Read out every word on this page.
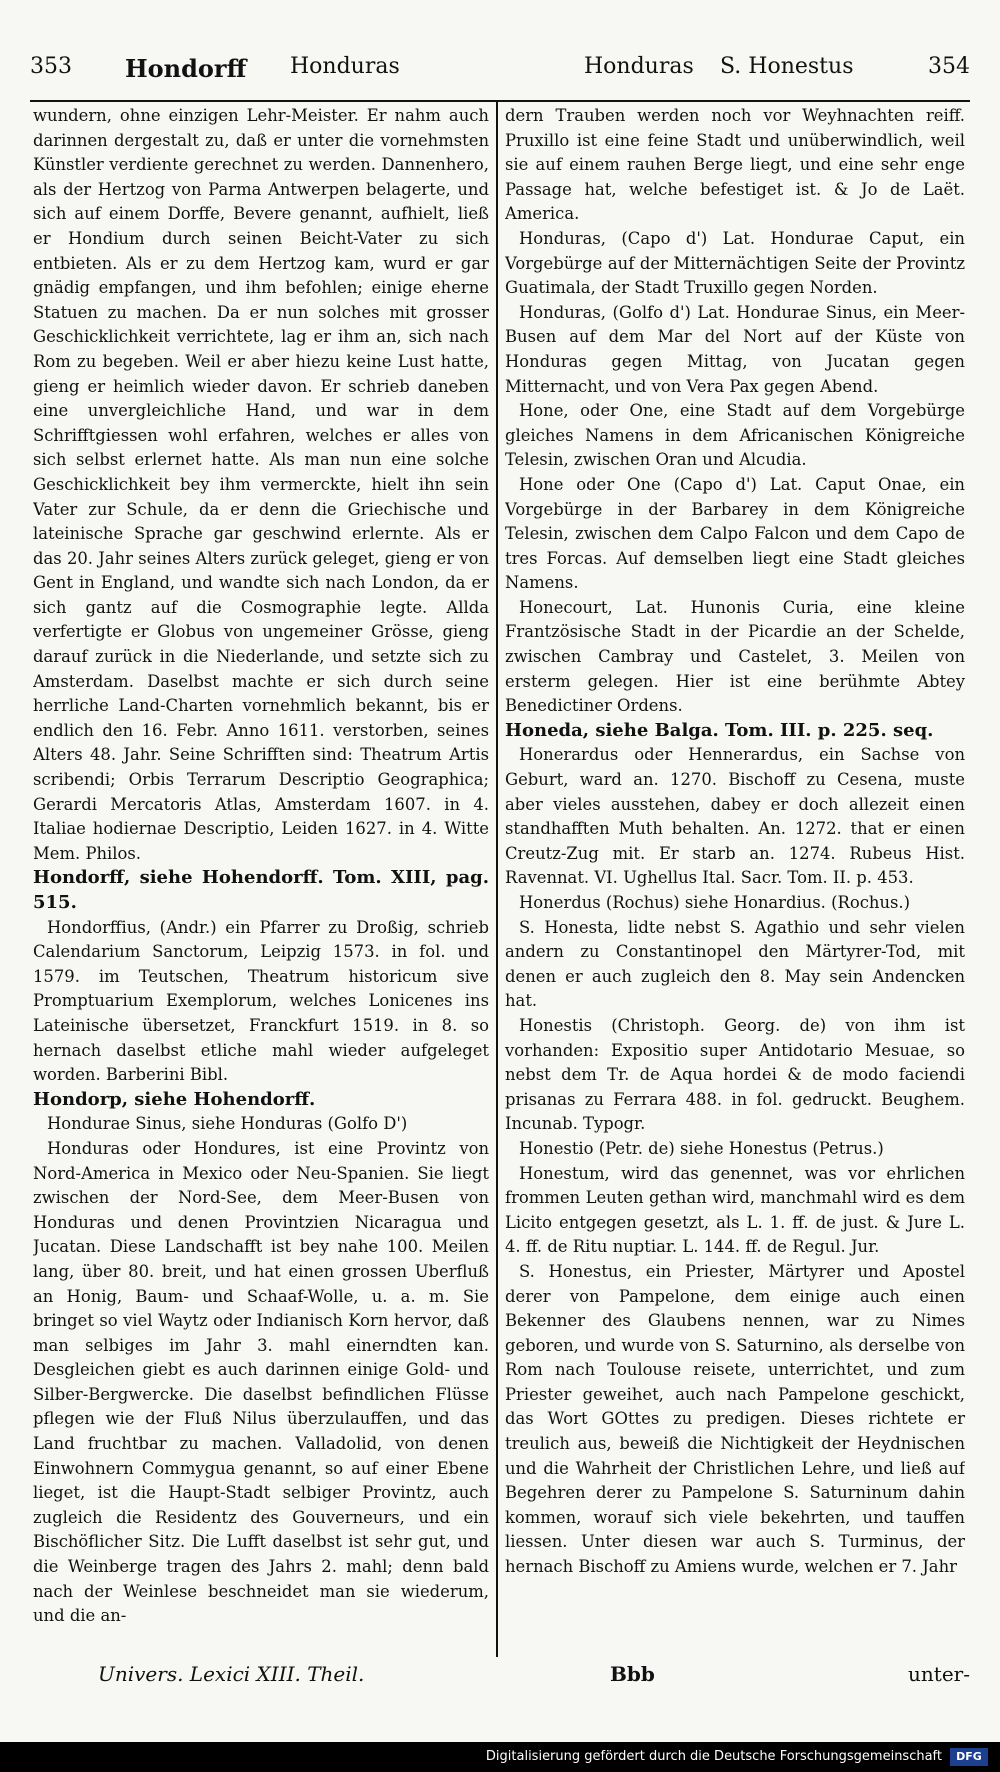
353 Hondorff Honduras	Honduras S. Honestus	354

wundern, ohne einzigen Lehr-Meister. Er nahm auch darinnen dergestalt zu, daß er unter die vornehmsten Künstler verdiente gerechnet zu werden. Dannenhero, als der Hertzog von Parma Antwerpen belagerte, und sich auf einem Dorffe, Bevere genannt, aufhielt, ließ er Hondium durch seinen Beicht-Vater zu sich entbieten. Als er zu dem Hertzog kam, wurd er gar gnädig empfangen, und ihm befohlen; einige eherne Statuen zu machen. Da er nun solches mit grosser Geschicklichkeit verrichtete, lag er ihm an, sich nach Rom zu begeben. Weil er aber hiezu keine Lust hatte, gieng er heimlich wieder davon. Er schrieb daneben eine unvergleichliche Hand, und war in dem Schrifftgiessen wohl erfahren, welches er alles von sich selbst erlernet hatte. Als man nun eine solche Geschicklichkeit bey ihm vermerckte, hielt ihn sein Vater zur Schule, da er denn die Griechische und lateinische Sprache gar geschwind erlernte. Als er das 20. Jahr seines Alters zurück geleget, gieng er von Gent in England, und wandte sich nach London, da er sich gantz auf die Cosmographie legte. Allda verfertigte er Globus von ungemeiner Grösse, gieng darauf zurück in die Niederlande, und setzte sich zu Amsterdam. Daselbst machte er sich durch seine herrliche Land-Charten vornehmlich bekannt, bis er endlich den 16. Febr. Anno 1611. verstorben, seines Alters 48. Jahr. Seine Schrifften sind: Theatrum Artis scribendi; Orbis Terrarum Descriptio Geographica; Gerardi Mercatoris Atlas, Amsterdam 1607. in 4. Italiae hodiernae Descriptio, Leiden 1627. in 4. Witte Mem. Philos.

Hondorff, siehe Hohendorff. Tom. XIII, pag. 515.

Hondorffius, (Andr.) ein Pfarrer zu Droßig, schrieb Calendarium Sanctorum, Leipzig 1573. in fol. und 1579. im Teutschen, Theatrum historicum sive Promptuarium Exemplorum, welches Lonicenes ins Lateinische übersetzet, Franckfurt 1519. in 8. so hernach daselbst etliche mahl wieder aufgeleget worden. Barberini Bibl.

Hondorp, siehe Hohendorff.

Hondurae Sinus, siehe Honduras (Golfo D')

Honduras oder Hondures, ist eine Provintz von Nord-America in Mexico oder Neu-Spanien. Sie liegt zwischen der Nord-See, dem Meer-Busen von Honduras und denen Provintzien Nicaragua und Jucatan. Diese Landschafft ist bey nahe 100. Meilen lang, über 80. breit, und hat einen grossen Uberfluß an Honig, Baum- und Schaaf-Wolle, u. a. m. Sie bringet so viel Waytz oder Indianisch Korn hervor, daß man selbiges im Jahr 3. mahl einerndten kan. Desgleichen giebt es auch darinnen einige Gold- und Silber-Bergwercke. Die daselbst befindlichen Flüsse pflegen wie der Fluß Nilus überzulauffen, und das Land fruchtbar zu machen. Valladolid, von denen Einwohnern Commygua genannt, so auf einer Ebene lieget, ist die Haupt-Stadt selbiger Provintz, auch zugleich die Residentz des Gouverneurs, und ein Bischöflicher Sitz. Die Lufft daselbst ist sehr gut, und die Weinberge tragen des Jahrs 2. mahl; denn bald nach der Weinlese beschneidet man sie wiederum, und die an-

dern Trauben werden noch vor Weyhnachten reiff. Pruxillo ist eine feine Stadt und unüberwindlich, weil sie auf einem rauhen Berge liegt, und eine sehr enge Passage hat, welche befestiget ist. & Jo de Laët. America.

Honduras, (Capo d') Lat. Hondurae Caput, ein Vorgebürge auf der Mitternächtigen Seite der Provintz Guatimala, der Stadt Truxillo gegen Norden.

Honduras, (Golfo d') Lat. Hondurae Sinus, ein Meer-Busen auf dem Mar del Nort auf der Küste von Honduras gegen Mittag, von Jucatan gegen Mitternacht, und von Vera Pax gegen Abend.

Hone, oder One, eine Stadt auf dem Vorgebürge gleiches Namens in dem Africanischen Königreiche Telesin, zwischen Oran und Alcudia.

Hone oder One (Capo d') Lat. Caput Onae, ein Vorgebürge in der Barbarey in dem Königreiche Telesin, zwischen dem Calpo Falcon und dem Capo de tres Forcas. Auf demselben liegt eine Stadt gleiches Namens.

Honecourt, Lat. Hunonis Curia, eine kleine Frantzösische Stadt in der Picardie an der Schelde, zwischen Cambray und Castelet, 3. Meilen von ersterm gelegen. Hier ist eine berühmte Abtey Benedictiner Ordens.

Honeda, siehe Balga. Tom. III. p. 225. seq.

Honerardus oder Hennerardus, ein Sachse von Geburt, ward an. 1270. Bischoff zu Cesena, muste aber vieles ausstehen, dabey er doch allezeit einen standhafften Muth behalten. An. 1272. that er einen Creutz-Zug mit. Er starb an. 1274. Rubeus Hist. Ravennat. VI. Ughellus Ital. Sacr. Tom. II. p. 453.

Honerdus (Rochus) siehe Honardius. (Rochus.)

S. Honesta, lidte nebst S. Agathio und sehr vielen andern zu Constantinopel den Märtyrer-Tod, mit denen er auch zugleich den 8. May sein Andencken hat.

Honestis (Christoph. Georg. de) von ihm ist vorhanden: Expositio super Antidotario Mesuae, so nebst dem Tr. de Aqua hordei & de modo faciendi prisanas zu Ferrara 488. in fol. gedruckt. Beughem. Incunab. Typogr.

Honestio (Petr. de) siehe Honestus (Petrus.)

Honestum, wird das genennet, was vor ehrlichen frommen Leuten gethan wird, manchmahl wird es dem Licito entgegen gesetzt, als L. 1. ff. de just. & Jure L. 4. ff. de Ritu nuptiar. L. 144. ff. de Regul. Jur.

S. Honestus, ein Priester, Märtyrer und Apostel derer von Pampelone, dem einige auch einen Bekenner des Glaubens nennen, war zu Nimes geboren, und wurde von S. Saturnino, als derselbe von Rom nach Toulouse reisete, unterrichtet, und zum Priester geweihet, auch nach Pampelone geschickt, das Wort GOttes zu predigen. Dieses richtete er treulich aus, beweiß die Nichtigkeit der Heydnischen und die Wahrheit der Christlichen Lehre, und ließ auf Begehren derer zu Pampelone S. Saturninum dahin kommen, worauf sich viele bekehrten, und tauffen liessen. Unter diesen war auch S. Turminus, der hernach Bischoff zu Amiens wurde, welchen er 7. Jahr

Univers. Lexici XIII. Theil.	Bbb	unter-
Digitalisierung gefördert durch die Deutsche Forschungsgemeinschaft	DFG
